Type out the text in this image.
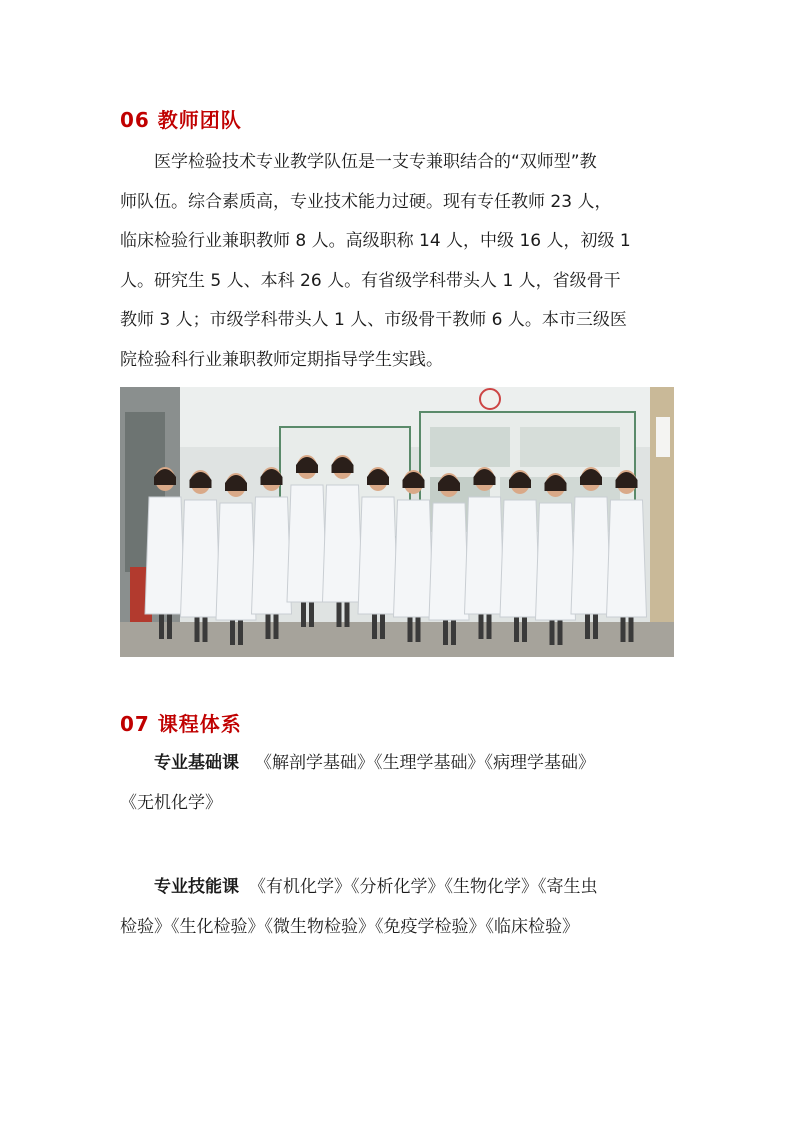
06 教师团队
医学检验技术专业教学队伍是一支专兼职结合的“双师型”教
师队伍。综合素质高，专业技术能力过硬。现有专任教师 23 人，
临床检验行业兼职教师 8 人。高级职称 14 人，中级 16 人，初级 1
人。研究生 5 人、本科 26 人。有省级学科带头人 1 人，省级骨干
教师 3 人；市级学科带头人 1 人、市级骨干教师 6 人。本市三级医
院检验科行业兼职教师定期指导学生实践。
07 课程体系
专业基础课 《解剖学基础》《生理学基础》《病理学基础》
《无机化学》
专业技能课 《有机化学》《分析化学》《生物化学》《寄生虫
检验》《生化检验》《微生物检验》《免疫学检验》《临床检验》
